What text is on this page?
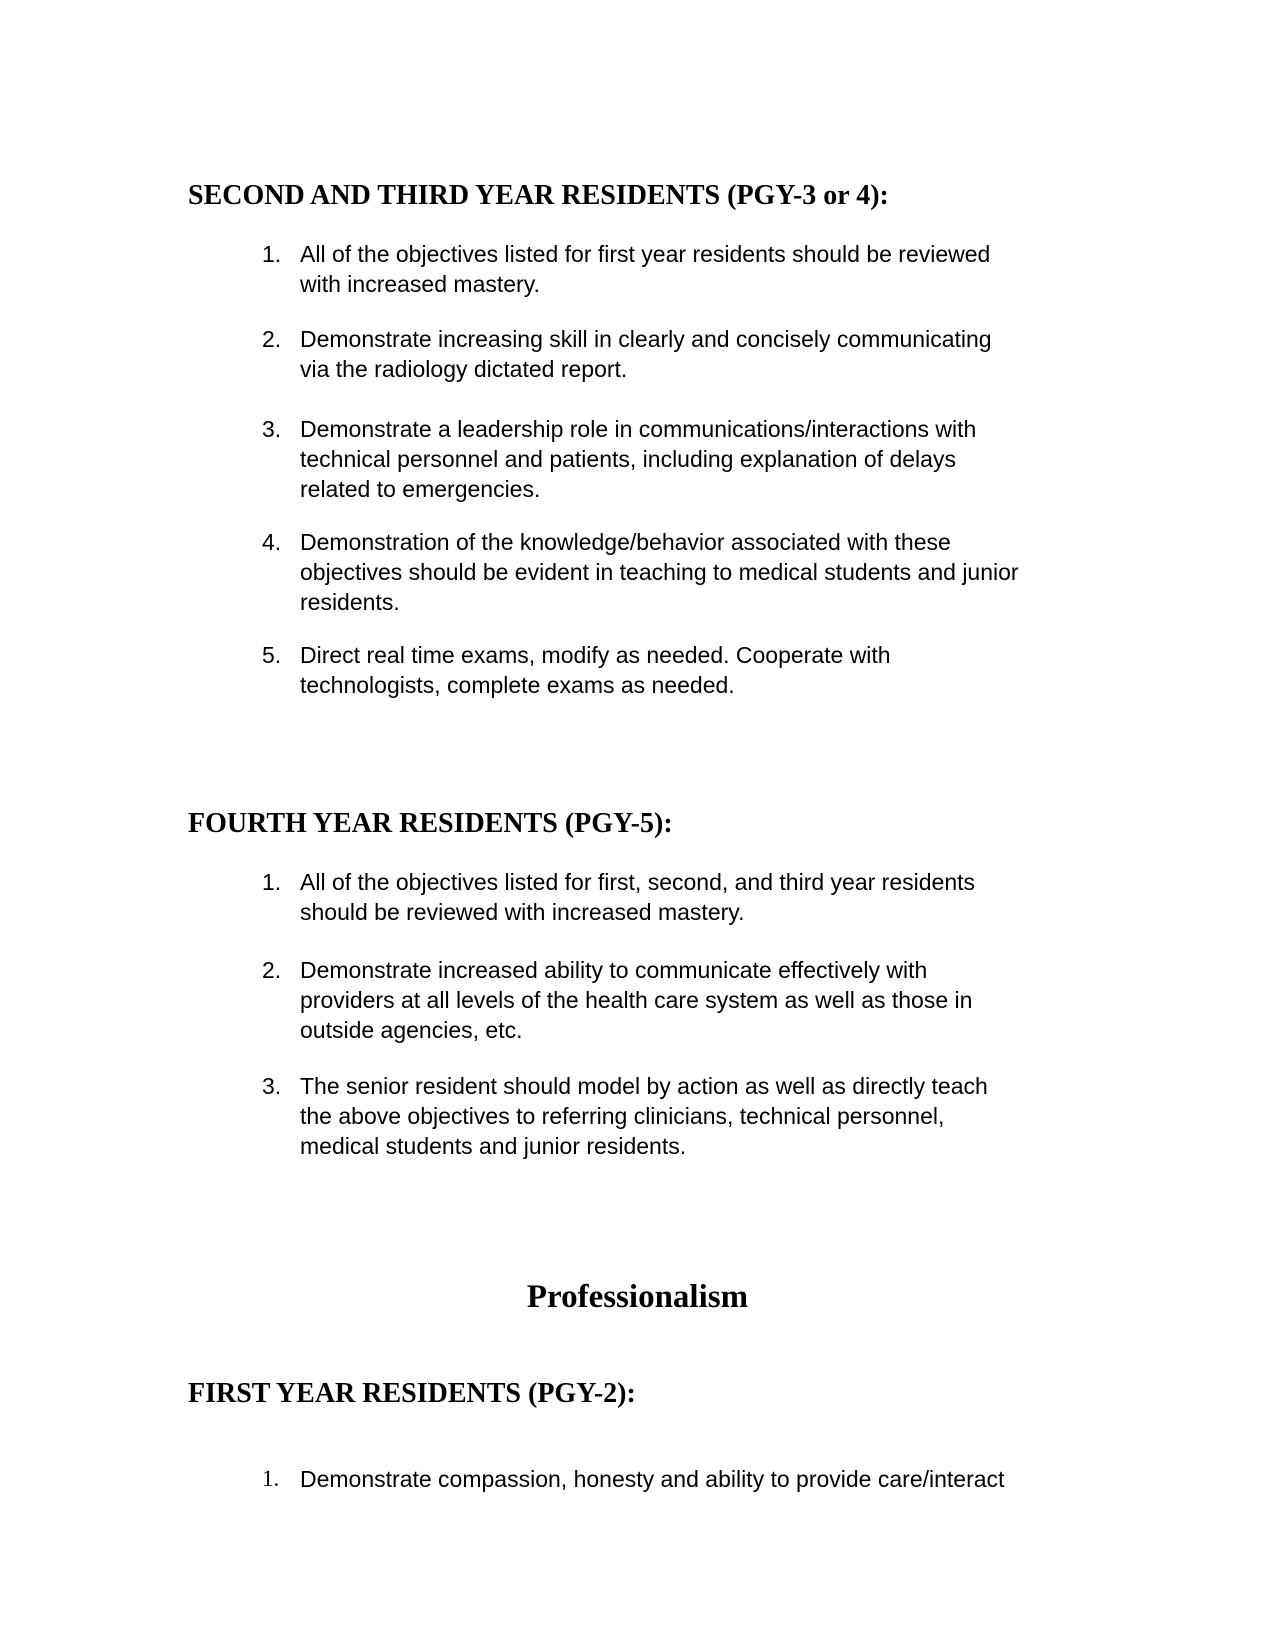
SECOND AND THIRD YEAR RESIDENTS (PGY-3 or 4):
1. All of the objectives listed for first year residents should be reviewed
with increased mastery.

2. Demonstrate increasing skill in clearly and concisely communicating
via the radiology dictated report.

3. Demonstrate a leadership role in communications/interactions with
technical personnel and patients, including explanation of delays
related to emergencies.

4. Demonstration of the knowledge/behavior associated with these
objectives should be evident in teaching to medical students and junior
residents.

5. Direct real time exams, modify as needed. Cooperate with
technologists, complete exams as needed.

FOURTH YEAR RESIDENTS (PGY-5):
1. All of the objectives listed for first, second, and third year residents
should be reviewed with increased mastery.

2. Demonstrate increased ability to communicate effectively with
providers at all levels of the health care system as well as those in
outside agencies, etc.

3. The senior resident should model by action as well as directly teach
the above objectives to referring clinicians, technical personnel,
medical students and junior residents.

Professionalism
FIRST YEAR RESIDENTS (PGY-2):
1. Demonstrate compassion, honesty and ability to provide care/interact
